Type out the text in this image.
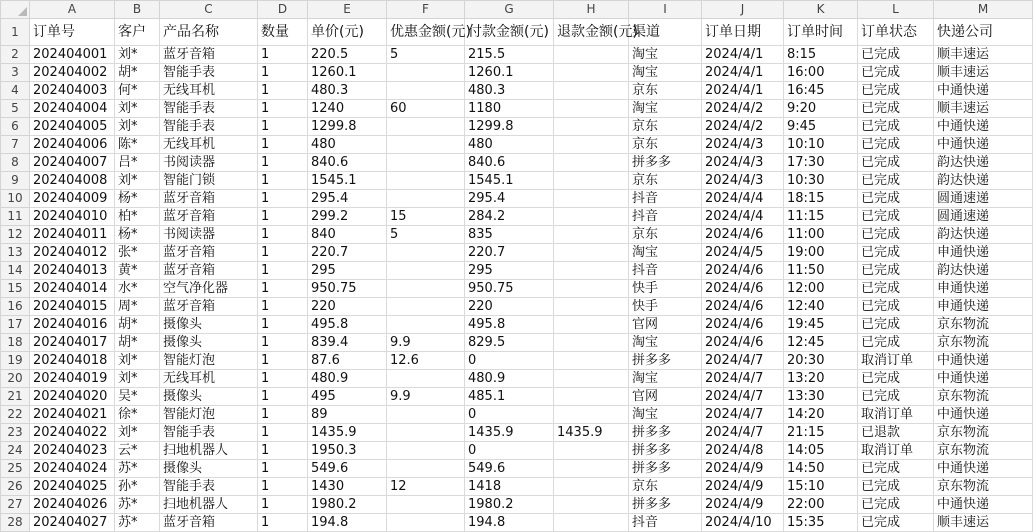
	A	B	C	D	E	F	G	H	I	J	K	L	M
1	订单号	客户	产品名称	数量	单价(元)	优惠金额(元)	付款金额(元)	退款金额(元)	渠道	订单日期	订单时间	订单状态	快递公司
2	202404001	刘*	蓝牙音箱	1	220.5	5	215.5		淘宝	2024/4/1	8:15	已完成	顺丰速运
3	202404002	胡*	智能手表	1	1260.1		1260.1		淘宝	2024/4/1	16:00	已完成	顺丰速运
4	202404003	何*	无线耳机	1	480.3		480.3		京东	2024/4/1	16:45	已完成	中通快递
5	202404004	刘*	智能手表	1	1240	60	1180		淘宝	2024/4/2	9:20	已完成	顺丰速运
6	202404005	刘*	智能手表	1	1299.8		1299.8		京东	2024/4/2	9:45	已完成	中通快递
7	202404006	陈*	无线耳机	1	480		480		京东	2024/4/3	10:10	已完成	中通快递
8	202404007	吕*	书阅读器	1	840.6		840.6		拼多多	2024/4/3	17:30	已完成	韵达快递
9	202404008	刘*	智能门锁	1	1545.1		1545.1		京东	2024/4/3	10:30	已完成	韵达快递
10	202404009	杨*	蓝牙音箱	1	295.4		295.4		抖音	2024/4/4	18:15	已完成	圆通速递
11	202404010	柏*	蓝牙音箱	1	299.2	15	284.2		抖音	2024/4/4	11:15	已完成	圆通速递
12	202404011	杨*	书阅读器	1	840	5	835		京东	2024/4/6	11:00	已完成	韵达快递
13	202404012	张*	蓝牙音箱	1	220.7		220.7		淘宝	2024/4/5	19:00	已完成	申通快递
14	202404013	黄*	蓝牙音箱	1	295		295		抖音	2024/4/6	11:50	已完成	韵达快递
15	202404014	水*	空气净化器	1	950.75		950.75		快手	2024/4/6	12:00	已完成	申通快递
16	202404015	周*	蓝牙音箱	1	220		220		快手	2024/4/6	12:40	已完成	申通快递
17	202404016	胡*	摄像头	1	495.8		495.8		官网	2024/4/6	19:45	已完成	京东物流
18	202404017	胡*	摄像头	1	839.4	9.9	829.5		淘宝	2024/4/6	12:45	已完成	京东物流
19	202404018	刘*	智能灯泡	1	87.6	12.6	0		拼多多	2024/4/7	20:30	取消订单	中通快递
20	202404019	刘*	无线耳机	1	480.9		480.9		淘宝	2024/4/7	13:20	已完成	中通快递
21	202404020	吴*	摄像头	1	495	9.9	485.1		官网	2024/4/7	13:30	已完成	京东物流
22	202404021	徐*	智能灯泡	1	89		0		淘宝	2024/4/7	14:20	取消订单	中通快递
23	202404022	刘*	智能手表	1	1435.9		1435.9	1435.9	拼多多	2024/4/7	21:15	已退款	京东物流
24	202404023	云*	扫地机器人	1	1950.3		0		拼多多	2024/4/8	14:05	取消订单	京东物流
25	202404024	苏*	摄像头	1	549.6		549.6		拼多多	2024/4/9	14:50	已完成	中通快递
26	202404025	孙*	智能手表	1	1430	12	1418		京东	2024/4/9	15:10	已完成	京东物流
27	202404026	苏*	扫地机器人	1	1980.2		1980.2		拼多多	2024/4/9	22:00	已完成	中通快递
28	202404027	苏*	蓝牙音箱	1	194.8		194.8		抖音	2024/4/10	15:35	已完成	顺丰速运
